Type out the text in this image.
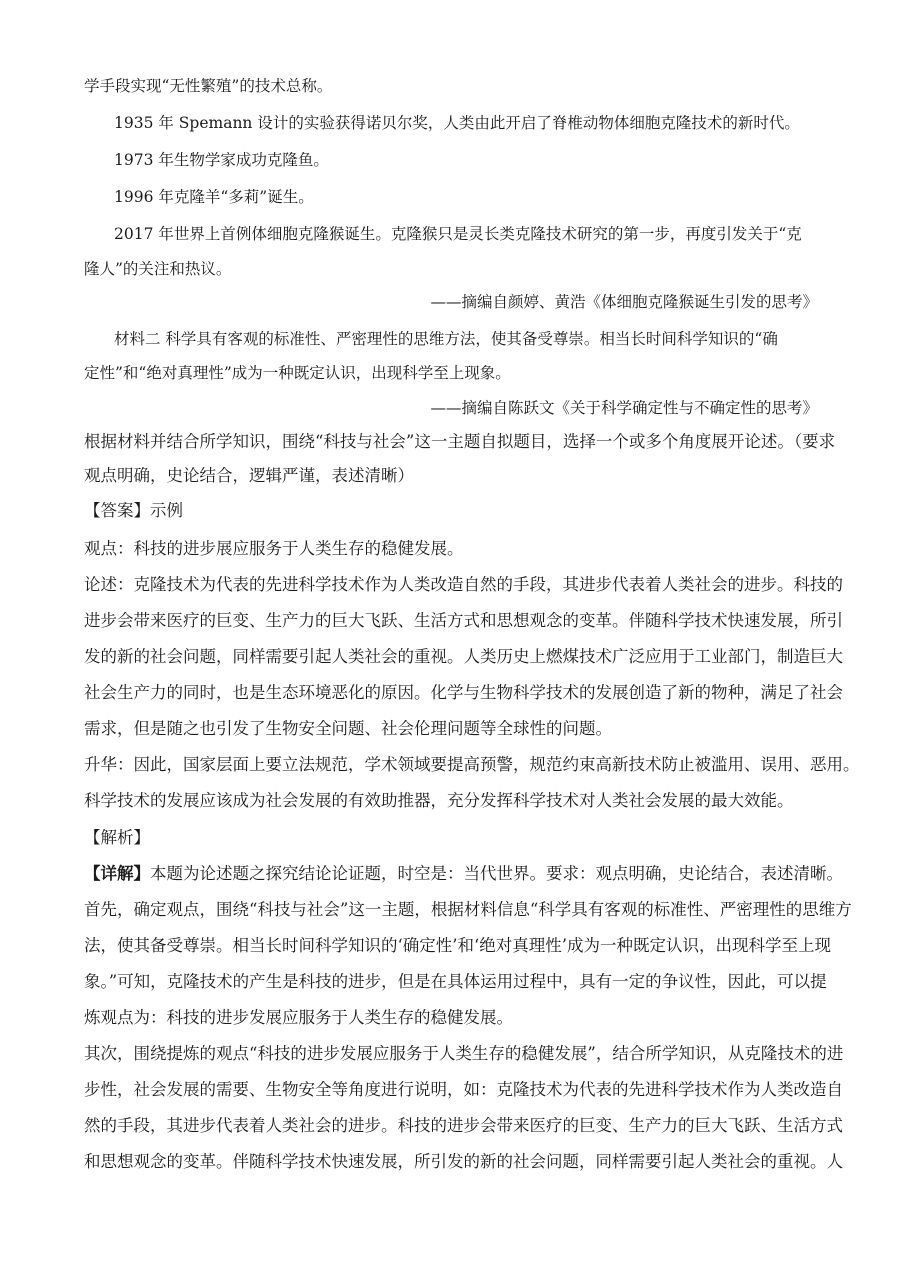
学手段实现“无性繁殖”的技术总称。
1935 年 Spemann 设计的实验获得诺贝尔奖，人类由此开启了脊椎动物体细胞克隆技术的新时代。
1973 年生物学家成功克隆鱼。
1996 年克隆羊“多莉”诞生。
2017 年世界上首例体细胞克隆猴诞生。克隆猴只是灵长类克隆技术研究的第一步，再度引发关于“克
隆人”的关注和热议。
——摘编自颜婷、黄浩《体细胞克隆猴诞生引发的思考》
材料二 科学具有客观的标准性、严密理性的思维方法，使其备受尊崇。相当长时间科学知识的“确
定性”和“绝对真理性”成为一种既定认识，出现科学至上现象。
——摘编自陈跃文《关于科学确定性与不确定性的思考》
根据材料并结合所学知识，围绕“科技与社会”这一主题自拟题目，选择一个或多个角度展开论述。（要求
观点明确，史论结合，逻辑严谨，表述清晰）
【答案】示例
观点：科技的进步展应服务于人类生存的稳健发展。
论述：克隆技术为代表的先进科学技术作为人类改造自然的手段，其进步代表着人类社会的进步。科技的
进步会带来医疗的巨变、生产力的巨大飞跃、生活方式和思想观念的变革。伴随科学技术快速发展，所引
发的新的社会问题，同样需要引起人类社会的重视。人类历史上燃煤技术广泛应用于工业部门，制造巨大
社会生产力的同时，也是生态环境恶化的原因。化学与生物科学技术的发展创造了新的物种，满足了社会
需求，但是随之也引发了生物安全问题、社会伦理问题等全球性的问题。
升华：因此，国家层面上要立法规范，学术领域要提高预警，规范约束高新技术防止被滥用、误用、恶用。
科学技术的发展应该成为社会发展的有效助推器，充分发挥科学技术对人类社会发展的最大效能。
【解析】
【详解】本题为论述题之探究结论论证题，时空是：当代世界。要求：观点明确，史论结合，表述清晰。
首先，确定观点，围绕“科技与社会”这一主题，根据材料信息“科学具有客观的标准性、严密理性的思维方
法，使其备受尊崇。相当长时间科学知识的‘确定性’和‘绝对真理性’成为一种既定认识，出现科学至上现
象。”可知，克隆技术的产生是科技的进步，但是在具体运用过程中，具有一定的争议性，因此，可以提
炼观点为：科技的进步发展应服务于人类生存的稳健发展。
其次，围绕提炼的观点“科技的进步发展应服务于人类生存的稳健发展”，结合所学知识，从克隆技术的进
步性，社会发展的需要、生物安全等角度进行说明，如：克隆技术为代表的先进科学技术作为人类改造自
然的手段，其进步代表着人类社会的进步。科技的进步会带来医疗的巨变、生产力的巨大飞跃、生活方式
和思想观念的变革。伴随科学技术快速发展，所引发的新的社会问题，同样需要引起人类社会的重视。人
